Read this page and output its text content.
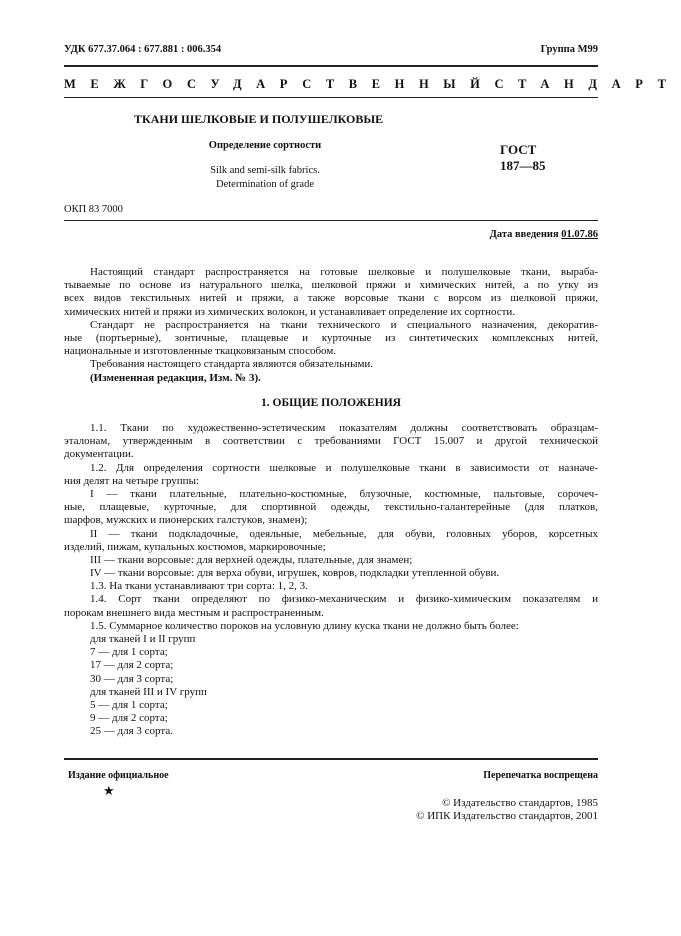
УДК 677.37.064 : 677.881 : 006.354	Группа М99
МЕЖГОСУДАРСТВЕННЫЙ СТАНДАРТ
ТКАНИ ШЕЛКОВЫЕ И ПОЛУШЕЛКОВЫЕ
Определение сортности
Silk and semi-silk fabrics.
Determination of grade
ГОСТ
187—85
ОКП 83 7000
Дата введения 01.07.86
Настоящий стандарт распространяется на готовые шелковые и полушелковые ткани, выраба-
тываемые по основе из натурального шелка, шелковой пряжи и химических нитей, а по утку из
всех видов текстильных нитей и пряжи, а также ворсовые ткани с ворсом из шелковой пряжи,
химических нитей и пряжи из химических волокон, и устанавливает определение их сортности.
Стандарт не распространяется на ткани технического и специального назначения, декоратив-
ные (портьерные), зонтичные, плащевые и курточные из синтетических комплексных нитей,
национальные и изготовленные ткацковязаным способом.
Требования настоящего стандарта являются обязательными.
(Измененная редакция, Изм. № 3).
1. ОБЩИЕ ПОЛОЖЕНИЯ
1.1. Ткани по художественно-эстетическим показателям должны соответствовать образцам-
эталонам, утвержденным в соответствии с требованиями ГОСТ 15.007 и другой технической
документации.
1.2. Для определения сортности шелковые и полушелковые ткани в зависимости от назначе-
ния делят на четыре группы:
I — ткани плательные, плательно-костюмные, блузочные, костюмные, пальтовые, сорочеч-
ные, плащевые, курточные, для спортивной одежды, текстильно-галантерейные (для платков,
шарфов, мужских и пионерских галстуков, знамен);
II — ткани подкладочные, одеяльные, мебельные, для обуви, головных уборов, корсетных
изделий, пижам, купальных костюмов, маркировочные;
III — ткани ворсовые: для верхней одежды, плательные, для знамен;
IV — ткани ворсовые: для верха обуви, игрушек, ковров, подкладки утепленной обуви.
1.3. На ткани устанавливают три сорта: 1, 2, 3.
1.4. Сорт ткани определяют по физико-механическим и физико-химическим показателям и
порокам внешнего вида местным и распространенным.
1.5. Суммарное количество пороков на условную длину куска ткани не должно быть более:
для тканей I и II групп
7 — для 1 сорта;
17 — для 2 сорта;
30 — для 3 сорта;
для тканей III и IV групп
5 — для 1 сорта;
9 — для 2 сорта;
25 — для 3 сорта.
Издание официальное	Перепечатка воспрещена
★
© Издательство стандартов, 1985
© ИПК Издательство стандартов, 2001
